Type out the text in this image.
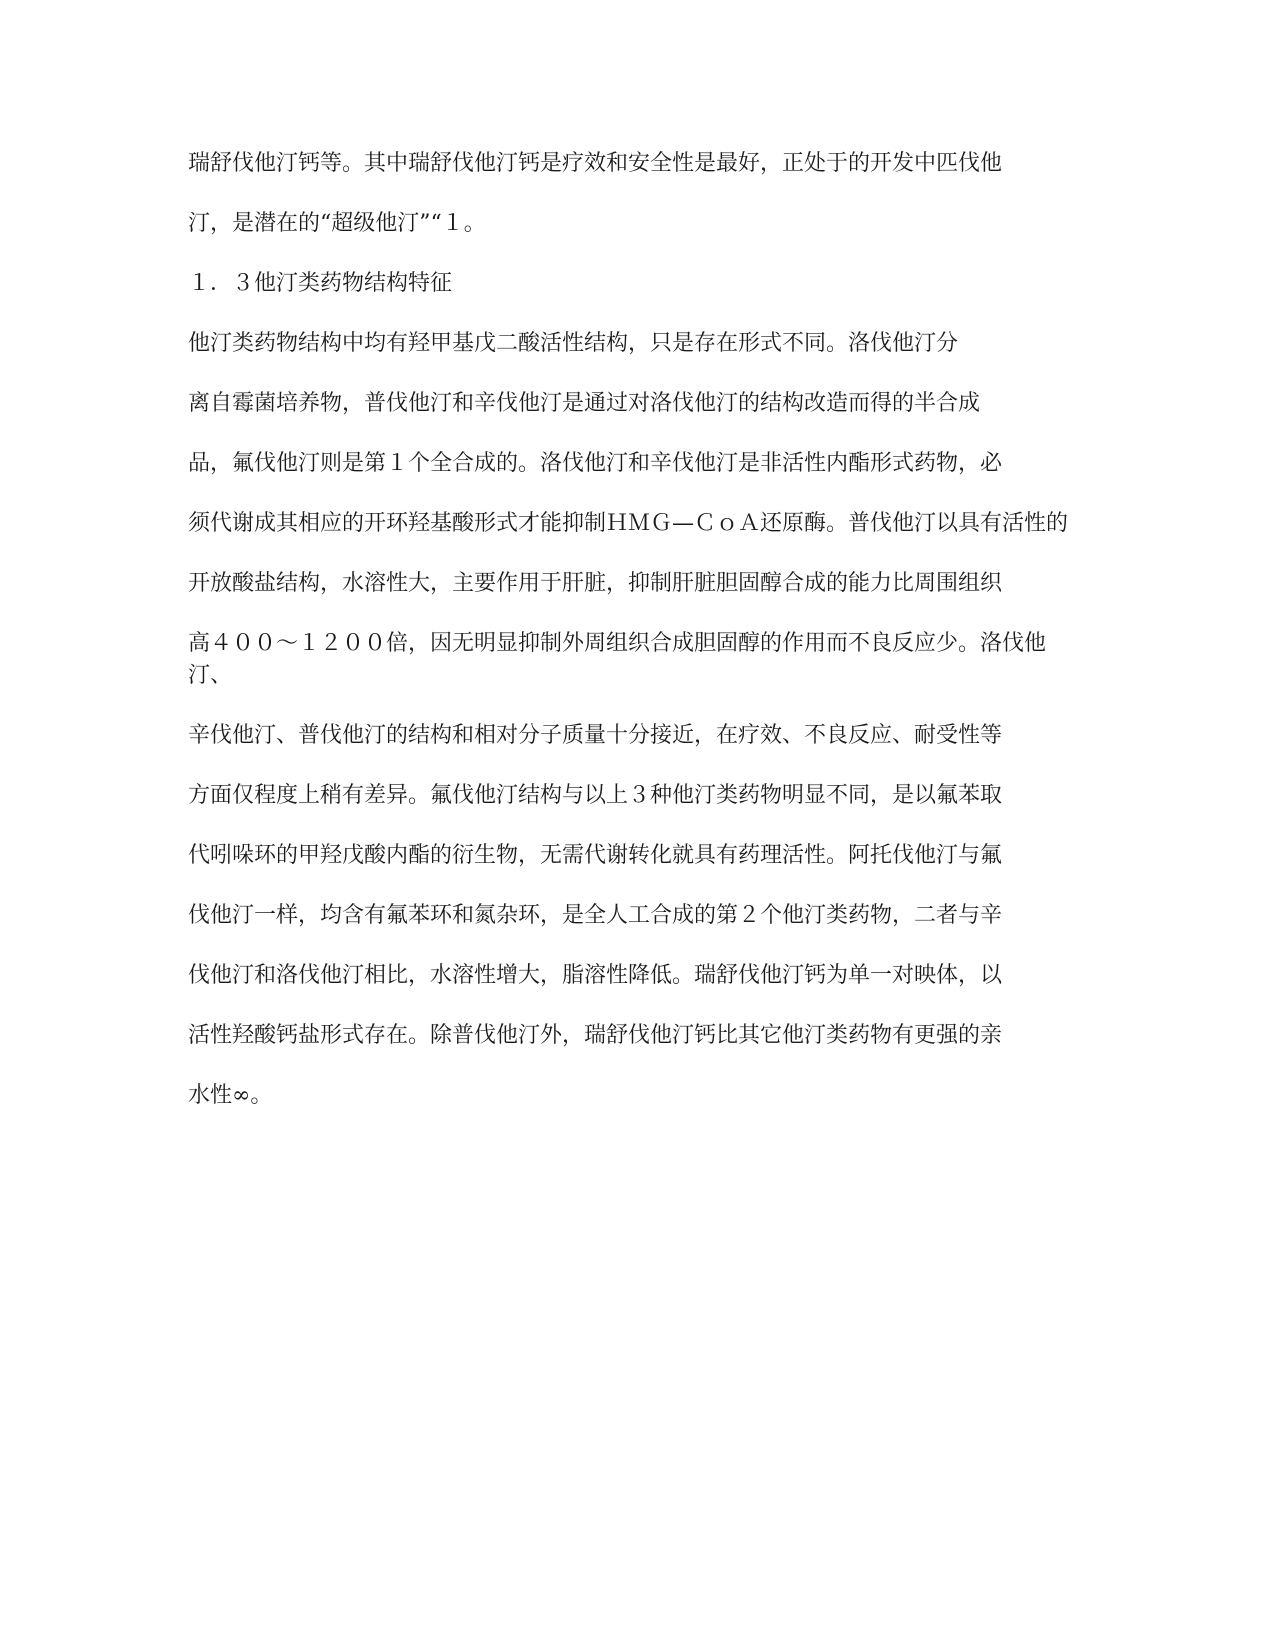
瑞舒伐他汀钙等。其中瑞舒伐他汀钙是疗效和安全性是最好，正处于的开发中匹伐他

汀，是潜在的“超级他汀”“１。

１．３他汀类药物结构特征

他汀类药物结构中均有羟甲基戊二酸活性结构，只是存在形式不同。洛伐他汀分

离自霉菌培养物，普伐他汀和辛伐他汀是通过对洛伐他汀的结构改造而得的半合成

品，氟伐他汀则是第１个全合成的。洛伐他汀和辛伐他汀是非活性内酯形式药物，必

须代谢成其相应的开环羟基酸形式才能抑制ＨＭＧ—ＣｏＡ还原酶。普伐他汀以具有活性的

开放酸盐结构，水溶性大，主要作用于肝脏，抑制肝脏胆固醇合成的能力比周围组织

高４００～１２００倍，因无明显抑制外周组织合成胆固醇的作用而不良反应少。洛伐他汀、

辛伐他汀、普伐他汀的结构和相对分子质量十分接近，在疗效、不良反应、耐受性等

方面仅程度上稍有差异。氟伐他汀结构与以上３种他汀类药物明显不同，是以氟苯取

代吲哚环的甲羟戊酸内酯的衍生物，无需代谢转化就具有药理活性。阿托伐他汀与氟

伐他汀一样，均含有氟苯环和氮杂环，是全人工合成的第２个他汀类药物，二者与辛

伐他汀和洛伐他汀相比，水溶性增大，脂溶性降低。瑞舒伐他汀钙为单一对映体，以

活性羟酸钙盐形式存在。除普伐他汀外，瑞舒伐他汀钙比其它他汀类药物有更强的亲

水性∞。
